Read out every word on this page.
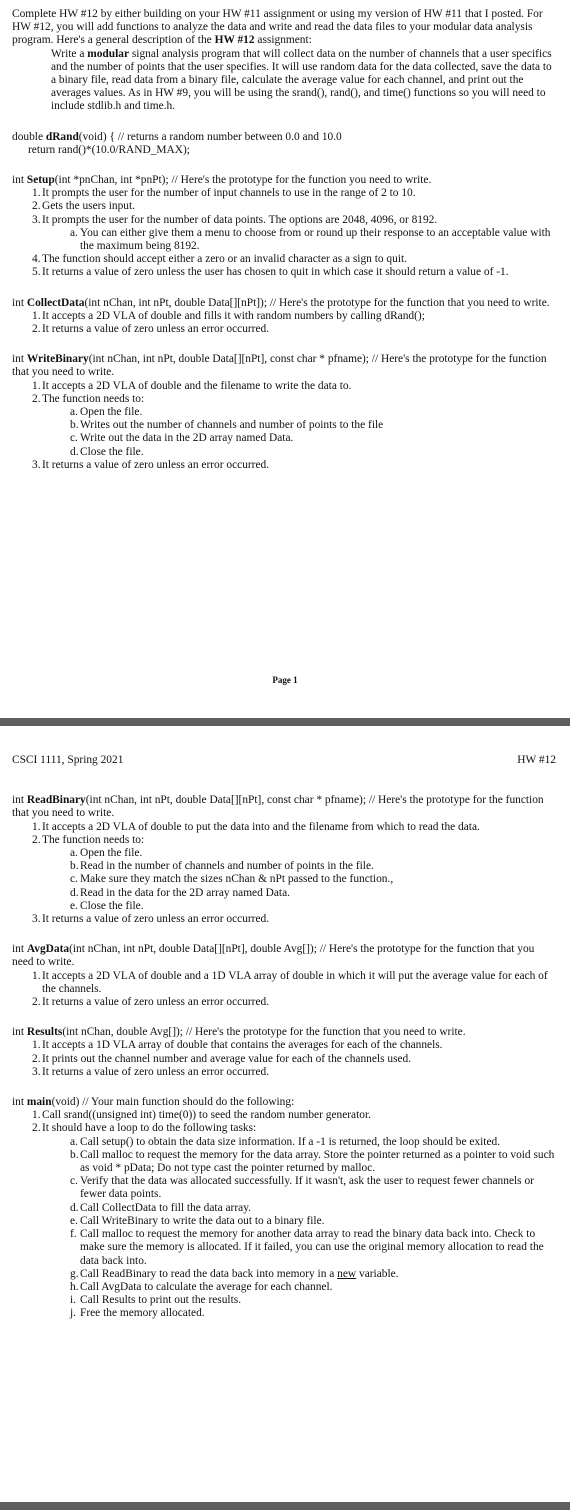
Complete HW #12 by either building on your HW #11 assignment or using my version of HW #11 that I posted. For HW #12, you will add functions to analyze the data and write and read the data files to your modular data analysis program. Here's a general description of the HW #12 assignment:

Write a modular signal analysis program that will collect data on the number of channels that a user specifics and the number of points that the user specifies. It will use random data for the data collected, save the data to a binary file, read data from a binary file, calculate the average value for each channel, and print out the averages values. As in HW #9, you will be using the srand(), rand(), and time() functions so you will need to include stdlib.h and time.h.

double dRand(void) { // returns a random number between 0.0 and 10.0

return rand()*(10.0/RAND_MAX);

int Setup(int *pnChan, int *pnPt); // Here's the prototype for the function you need to write.

1. It prompts the user for the number of input channels to use in the range of 2 to 10.
2. Gets the users input.
3. It prompts the user for the number of data points. The options are 2048, 4096, or 8192.
a. You can either give them a menu to choose from or round up their response to an acceptable value with the maximum being 8192.
4. The function should accept either a zero or an invalid character as a sign to quit.
5. It returns a value of zero unless the user has chosen to quit in which case it should return a value of -1.

int CollectData(int nChan, int nPt, double Data[][nPt]); // Here's the prototype for the function that you need to write.

1. It accepts a 2D VLA of double and fills it with random numbers by calling dRand();
2. It returns a value of zero unless an error occurred.

int WriteBinary(int nChan, int nPt, double Data[][nPt], const char * pfname); // Here's the prototype for the function that you need to write.

1. It accepts a 2D VLA of double and the filename to write the data to.
2. The function needs to:
a. Open the file.
b. Writes out the number of channels and number of points to the file
c. Write out the data in the 2D array named Data.
d. Close the file.
3. It returns a value of zero unless an error occurred.
Page 1
CSCI 1111, Spring 2021	HW #12

int ReadBinary(int nChan, int nPt, double Data[][nPt], const char * pfname); // Here's the prototype for the function that you need to write.

1. It accepts a 2D VLA of double to put the data into and the filename from which to read the data.
2. The function needs to:
a. Open the file.
b. Read in the number of channels and number of points in the file.
c. Make sure they match the sizes nChan & nPt passed to the function.,
d. Read in the data for the 2D array named Data.
e. Close the file.
3. It returns a value of zero unless an error occurred.

int AvgData(int nChan, int nPt, double Data[][nPt], double Avg[]); // Here's the prototype for the function that you need to write.

1. It accepts a 2D VLA of double and a 1D VLA array of double in which it will put the average value for each of the channels.
2. It returns a value of zero unless an error occurred.

int Results(int nChan, double Avg[]); // Here's the prototype for the function that you need to write.

1. It accepts a 1D VLA array of double that contains the averages for each of the channels.
2. It prints out the channel number and average value for each of the channels used.
3. It returns a value of zero unless an error occurred.

int main(void) // Your main function should do the following:

1. Call srand((unsigned int) time(0)) to seed the random number generator.
2. It should have a loop to do the following tasks:
a. Call setup() to obtain the data size information. If a -1 is returned, the loop should be exited.
b. Call malloc to request the memory for the data array. Store the pointer returned as a pointer to void such as void * pData; Do not type cast the pointer returned by malloc.
c. Verify that the data was allocated successfully. If it wasn't, ask the user to request fewer channels or fewer data points.
d. Call CollectData to fill the data array.
e. Call WriteBinary to write the data out to a binary file.
f. Call malloc to request the memory for another data array to read the binary data back into. Check to make sure the memory is allocated. If it failed, you can use the original memory allocation to read the data back into.
g. Call ReadBinary to read the data back into memory in a new variable.
h. Call AvgData to calculate the average for each channel.
i. Call Results to print out the results.
j. Free the memory allocated.
